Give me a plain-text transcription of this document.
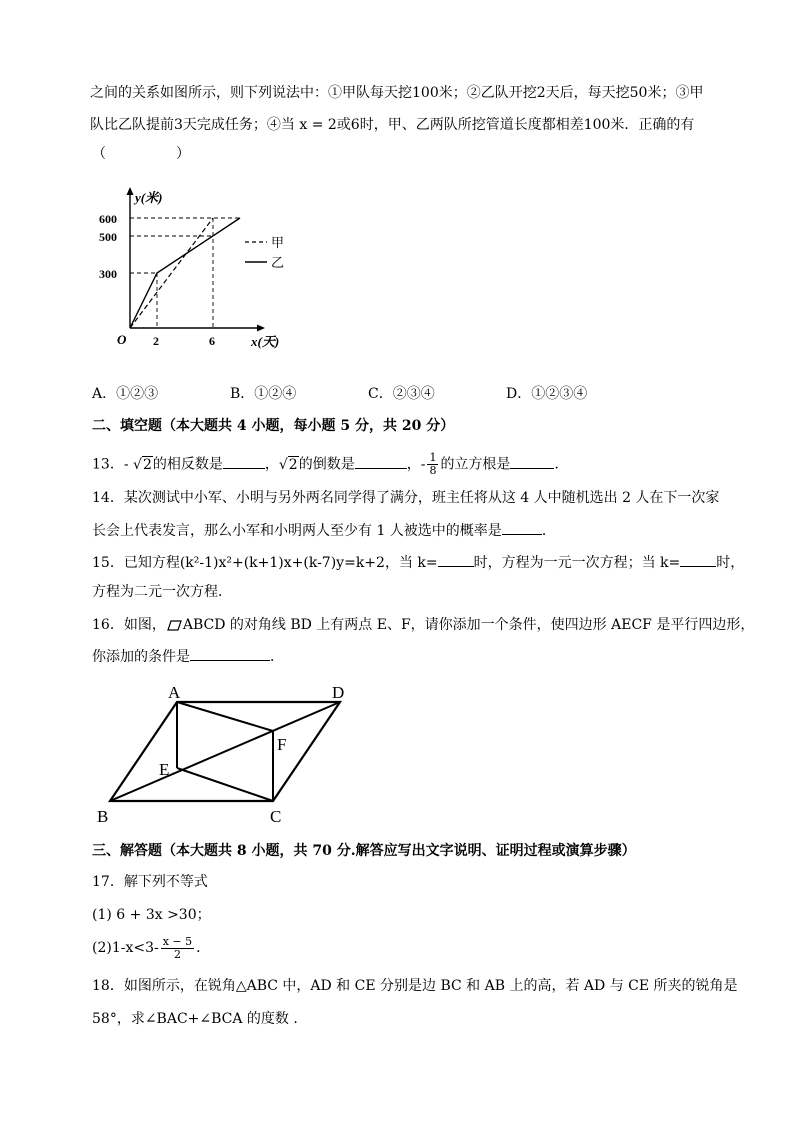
之间的关系如图所示，则下列说法中：①甲队每天挖100米；②乙队开挖2天后，每天挖50米；③甲
队比乙队提前3天完成任务；④当 x = 2或6时，甲、乙两队所挖管道长度都相差100米．正确的有
（	）
y(米)
x(天)
O
600
500
300
2	6
甲
乙
A．①②③	B．①②④	C．②③④	D．①②③④
二、填空题（本大题共 4 小题，每小题 5 分，共 20 分）
13．- √2的相反数是	，√2的倒数是	，- $\frac{1}{8}$ 的立方根是	．
14．某次测试中小军、小明与另外两名同学得了满分，班主任将从这 4 人中随机选出 2 人在下一次家
长会上代表发言，那么小军和小明两人至少有 1 人被选中的概率是	．
15．已知方程(k²-1)x²+(k+1)x+(k-7)y=k+2，当 k=	时，方程为一元一次方程；当 k=	时，
方程为二元一次方程．
16．如图， ABCD 的对角线 BD 上有两点 E、F，请你添加一个条件，使四边形 AECF 是平行四边形，
你添加的条件是	．
A	D
F
E
B	C
三、解答题（本大题共 8 小题，共 70 分.解答应写出文字说明、证明过程或演算步骤）
17．解下列不等式
(1) 6 + 3x >30；
$(2)1-x<3- \frac{x - 5}{2}$ ．
18．如图所示，在锐角△ABC 中，AD 和 CE 分别是边 BC 和 AB 上的高，若 AD 与 CE 所夹的锐角是
58°，求∠BAC+∠BCA 的度数 .
